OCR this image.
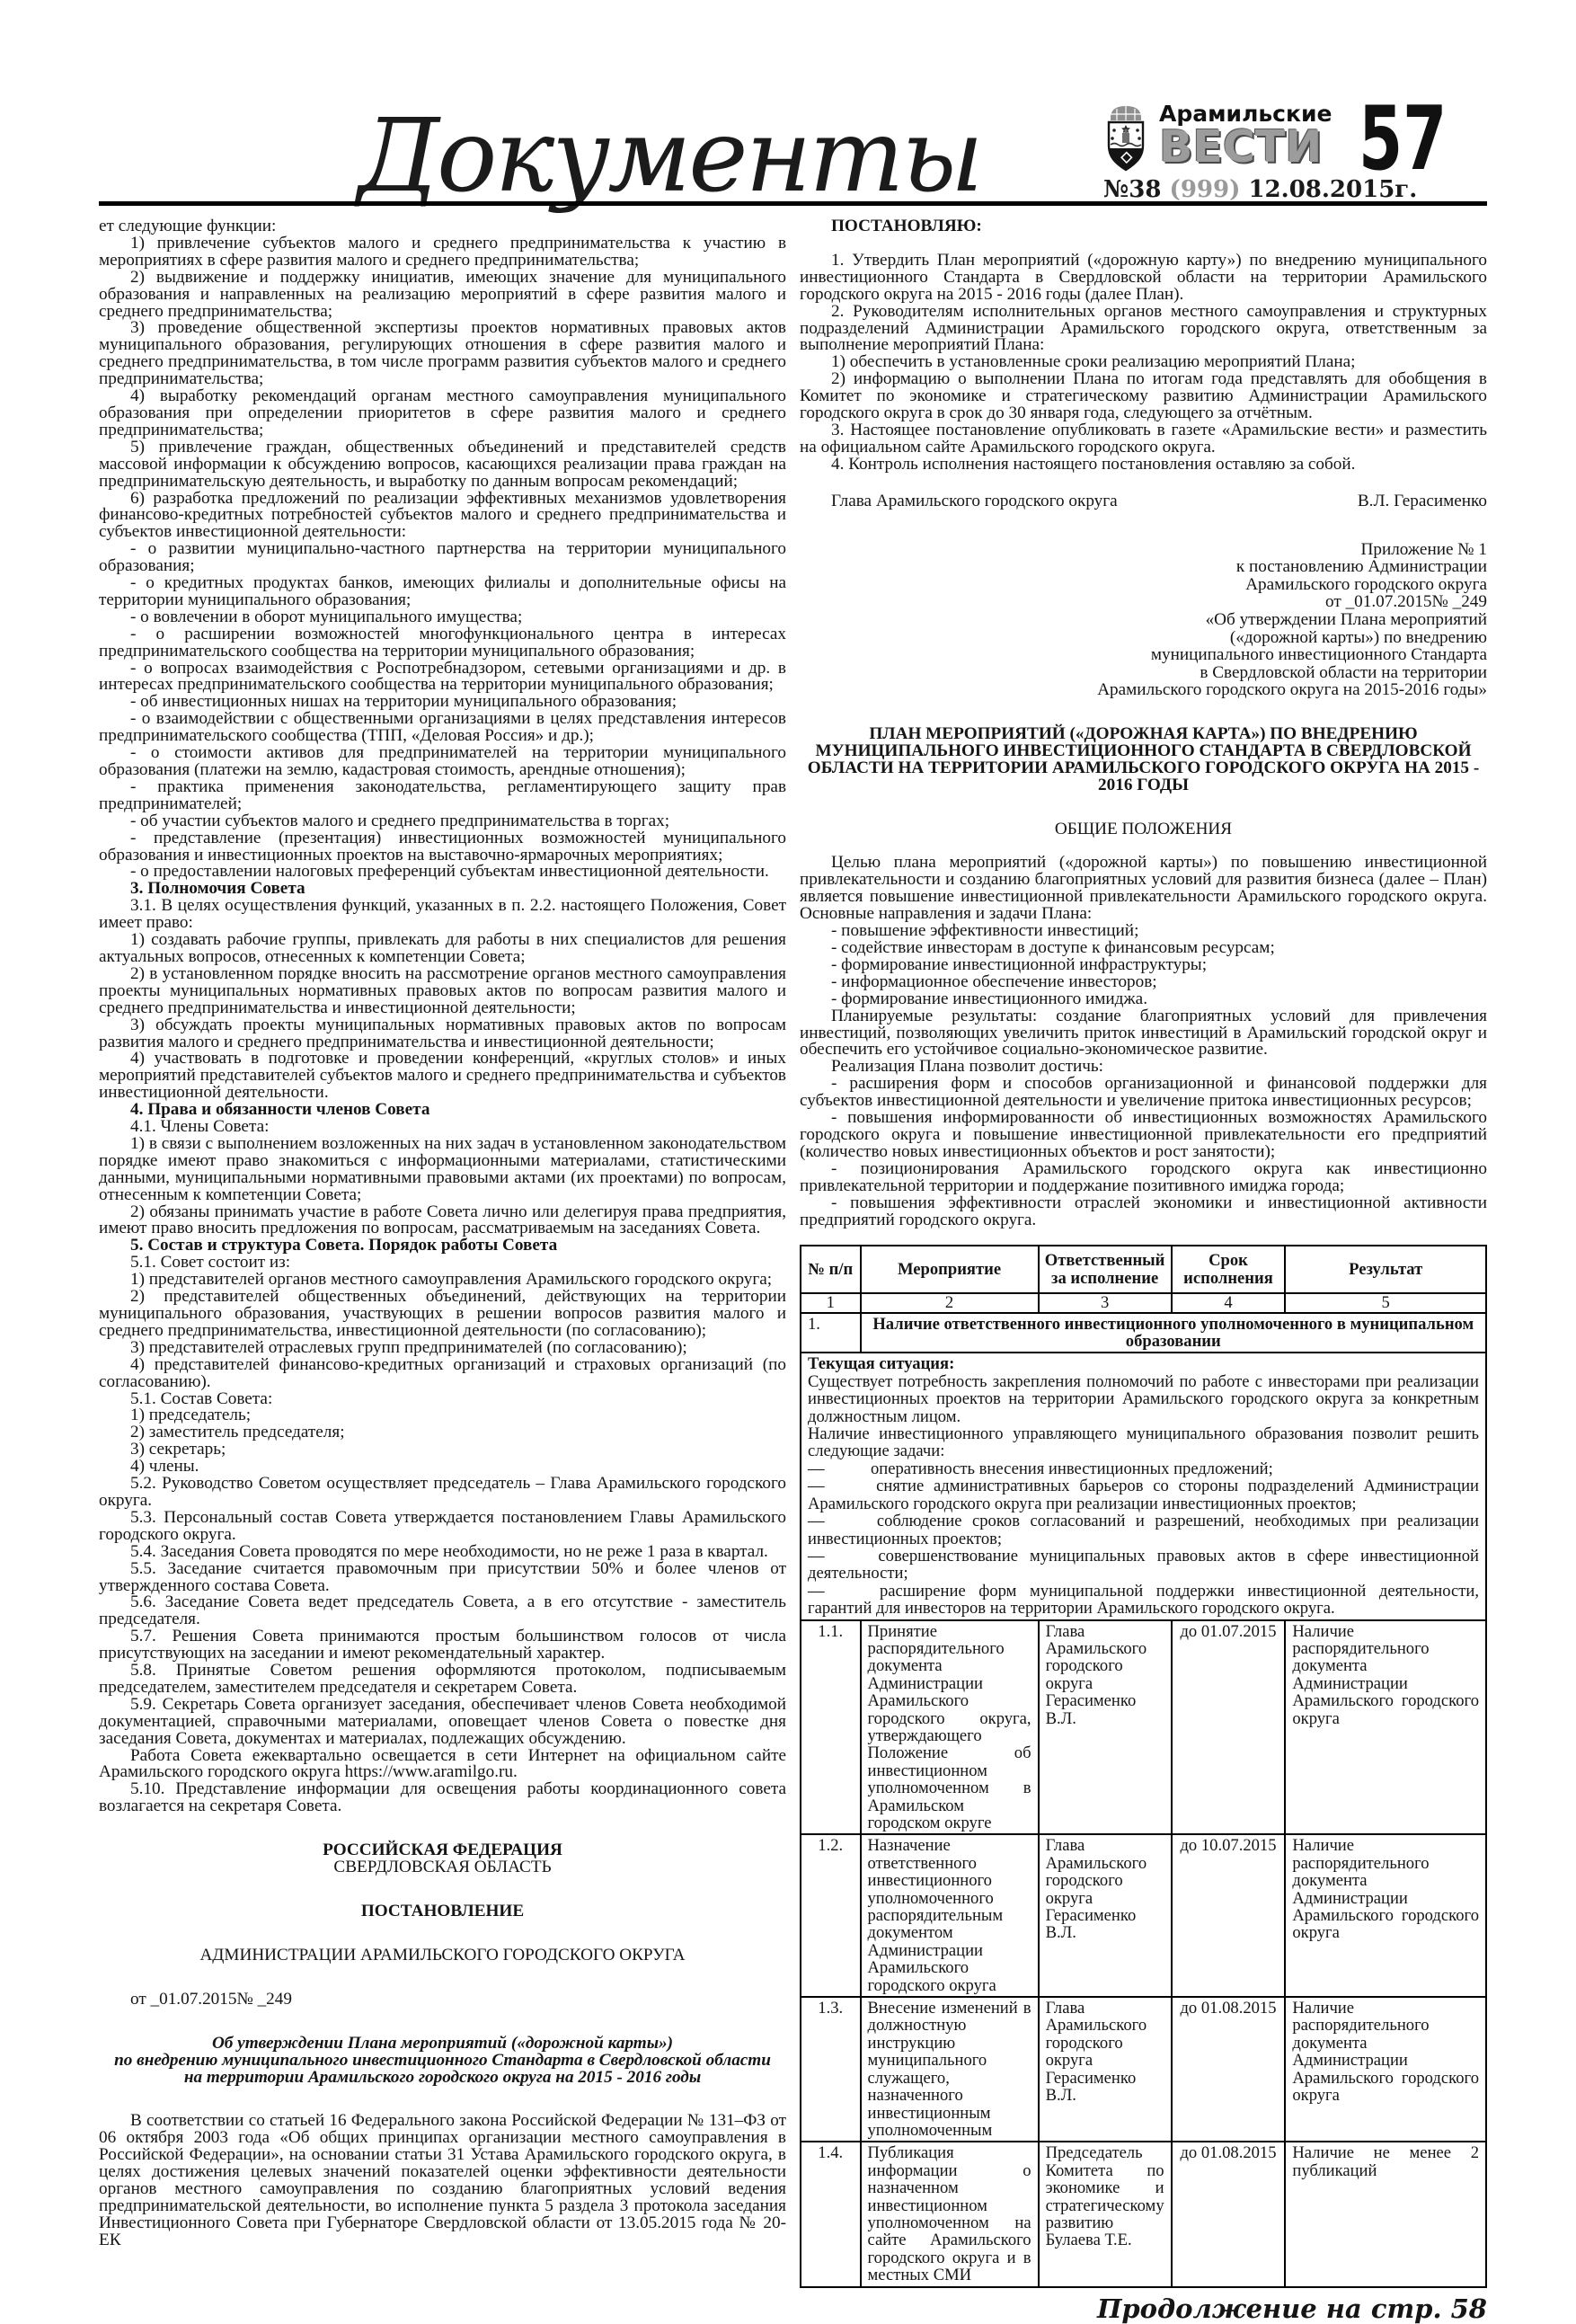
Документы	Арамильские
ВЕСТИ 57
№38 (999) 12.08.2015г.

ет следующие функции:

1) привлечение субъектов малого и среднего предпринимательства к участию в мероприятиях в сфере развития малого и среднего предпринимательства;

2) выдвижение и поддержку инициатив, имеющих значение для муниципального образования и направленных на реализацию мероприятий в сфере развития малого и среднего предпринимательства;

3) проведение общественной экспертизы проектов нормативных правовых актов муниципального образования, регулирующих отношения в сфере развития малого и среднего предпринимательства, в том числе программ развития субъектов малого и среднего предпринимательства;

4) выработку рекомендаций органам местного самоуправления муниципального образования при определении приоритетов в сфере развития малого и среднего предпринимательства;

5) привлечение граждан, общественных объединений и представителей средств массовой информации к обсуждению вопросов, касающихся реализации права граждан на предпринимательскую деятельность, и выработку по данным вопросам рекомендаций;

6) разработка предложений по реализации эффективных механизмов удовлетворения финансово-кредитных потребностей субъектов малого и среднего предпринимательства и субъектов инвестиционной деятельности:

- о развитии муниципально-частного партнерства на территории муниципального образования;

- о кредитных продуктах банков, имеющих филиалы и дополнительные офисы на территории муниципального образования;

- о вовлечении в оборот муниципального имущества;

- о расширении возможностей многофункционального центра в интересах предпринимательского сообщества на территории муниципального образования;

- о вопросах взаимодействия с Роспотребнадзором, сетевыми организациями и др. в интересах предпринимательского сообщества на территории муниципального образования;

- об инвестиционных нишах на территории муниципального образования;

- о взаимодействии с общественными организациями в целях представления интересов предпринимательского сообщества (ТПП, «Деловая Россия» и др.);

- о стоимости активов для предпринимателей на территории муниципального образования (платежи на землю, кадастровая стоимость, арендные отношения);

- практика применения законодательства, регламентирующего защиту прав предпринимателей;

- об участии субъектов малого и среднего предпринимательства в торгах;

- представление (презентация) инвестиционных возможностей муниципального образования и инвестиционных проектов на выставочно-ярмарочных мероприятиях;

- о предоставлении налоговых преференций субъектам инвестиционной деятельности.

3. Полномочия Совета

3.1. В целях осуществления функций, указанных в п. 2.2. настоящего Положения, Совет имеет право:

1) создавать рабочие группы, привлекать для работы в них специалистов для решения актуальных вопросов, отнесенных к компетенции Совета;

2) в установленном порядке вносить на рассмотрение органов местного самоуправления проекты муниципальных нормативных правовых актов по вопросам развития малого и среднего предпринимательства и инвестиционной деятельности;

3) обсуждать проекты муниципальных нормативных правовых актов по вопросам развития малого и среднего предпринимательства и инвестиционной деятельности;

4) участвовать в подготовке и проведении конференций, «круглых столов» и иных мероприятий представителей субъектов малого и среднего предпринимательства и субъектов инвестиционной деятельности.

4. Права и обязанности членов Совета

4.1. Члены Совета:

1) в связи с выполнением возложенных на них задач в установленном законодательством порядке имеют право знакомиться с информационными материалами, статистическими данными, муниципальными нормативными правовыми актами (их проектами) по вопросам, отнесенным к компетенции Совета;

2) обязаны принимать участие в работе Совета лично или делегируя права предприятия, имеют право вносить предложения по вопросам, рассматриваемым на заседаниях Совета.

5. Состав и структура Совета. Порядок работы Совета

5.1. Совет состоит из:

1) представителей органов местного самоуправления Арамильского городского округа;

2) представителей общественных объединений, действующих на территории муниципального образования, участвующих в решении вопросов развития малого и среднего предпринимательства, инвестиционной деятельности (по согласованию);

3) представителей отраслевых групп предпринимателей (по согласованию);

4) представителей финансово-кредитных организаций и страховых организаций (по согласованию).

5.1. Состав Совета:

1) председатель;

2) заместитель председателя;

3) секретарь;

4) члены.

5.2. Руководство Советом осуществляет председатель – Глава Арамильского городского округа.

5.3. Персональный состав Совета утверждается постановлением Главы Арамильского городского округа.

5.4. Заседания Совета проводятся по мере необходимости, но не реже 1 раза в квартал.

5.5. Заседание считается правомочным при присутствии 50% и более членов от утвержденного состава Совета.

5.6. Заседание Совета ведет председатель Совета, а в его отсутствие - заместитель председателя.

5.7. Решения Совета принимаются простым большинством голосов от числа присутствующих на заседании и имеют рекомендательный характер.

5.8. Принятые Советом решения оформляются протоколом, подписываемым председателем, заместителем председателя и секретарем Совета.

5.9. Секретарь Совета организует заседания, обеспечивает членов Совета необходимой документацией, справочными материалами, оповещает членов Совета о повестке дня заседания Совета, документах и материалах, подлежащих обсуждению.

Работа Совета ежеквартально освещается в сети Интернет на официальном сайте Арамильского городского округа https://www.aramilgo.ru.

5.10. Представление информации для освещения работы координационного совета возлагается на секретаря Совета.

РОССИЙСКАЯ ФЕДЕРАЦИЯ

СВЕРДЛОВСКАЯ ОБЛАСТЬ

ПОСТАНОВЛЕНИЕ

АДМИНИСТРАЦИИ АРАМИЛЬСКОГО ГОРОДСКОГО ОКРУГА

от _01.07.2015№ _249

Об утверждении Плана мероприятий («дорожной карты»)

по внедрению муниципального инвестиционного Стандарта в Свердловской области

на территории Арамильского городского округа на 2015 - 2016 годы

В соответствии со статьей 16 Федерального закона Российской Федерации № 131–ФЗ от 06 октября 2003 года «Об общих принципах организации местного самоуправления в Российской Федерации», на основании статьи 31 Устава Арамильского городского округа, в целях достижения целевых значений показателей оценки эффективности деятельности органов местного самоуправления по созданию благоприятных условий ведения предпринимательской деятельности, во исполнение пункта 5 раздела 3 протокола заседания Инвестиционного Совета при Губернаторе Свердловской области от 13.05.2015 года № 20-ЕК

ПОСТАНОВЛЯЮ:

1. Утвердить План мероприятий («дорожную карту») по внедрению муниципального инвестиционного Стандарта в Свердловской области на территории Арамильского городского округа на 2015 - 2016 годы (далее План).

2. Руководителям исполнительных органов местного самоуправления и структурных подразделений Администрации Арамильского городского округа, ответственным за выполнение мероприятий Плана:

1) обеспечить в установленные сроки реализацию мероприятий Плана;

2) информацию о выполнении Плана по итогам года представлять для обобщения в Комитет по экономике и стратегическому развитию Администрации Арамильского городского округа в срок до 30 января года, следующего за отчётным.

3. Настоящее постановление опубликовать в газете «Арамильские вести» и разместить на официальном сайте Арамильского городского округа.

4. Контроль исполнения настоящего постановления оставляю за собой.

Глава Арамильского городского округа	В.Л. Герасименко
Приложение № 1
к постановлению Администрации
Арамильского городского округа
от _01.07.2015№ _249
«Об утверждении Плана мероприятий
(«дорожной карты») по внедрению
муниципального инвестиционного Стандарта
в Свердловской области на территории
Арамильского городского округа на 2015-2016 годы»

ПЛАН МЕРОПРИЯТИЙ («ДОРОЖНАЯ КАРТА») ПО ВНЕДРЕНИЮ МУНИЦИПАЛЬНОГО ИНВЕСТИЦИОННОГО СТАНДАРТА В СВЕРДЛОВСКОЙ ОБЛАСТИ НА ТЕРРИТОРИИ АРАМИЛЬСКОГО ГОРОДСКОГО ОКРУГА НА 2015 - 2016 ГОДЫ

ОБЩИЕ ПОЛОЖЕНИЯ

Целью плана мероприятий («дорожной карты») по повышению инвестиционной привлекательности и созданию благоприятных условий для развития бизнеса (далее – План) является повышение инвестиционной привлекательности Арамильского городского округа. Основные направления и задачи Плана:

- повышение эффективности инвестиций;

- содействие инвесторам в доступе к финансовым ресурсам;

- формирование инвестиционной инфраструктуры;

- информационное обеспечение инвесторов;

- формирование инвестиционного имиджа.

Планируемые результаты: создание благоприятных условий для привлечения инвестиций, позволяющих увеличить приток инвестиций в Арамильский городской округ и обеспечить его устойчивое социально-экономическое развитие.

Реализация Плана позволит достичь:

- расширения форм и способов организационной и финансовой поддержки для субъектов инвестиционной деятельности и увеличение притока инвестиционных ресурсов;

- повышения информированности об инвестиционных возможностях Арамильского городского округа и повышение инвестиционной привлекательности его предприятий (количество новых инвестиционных объектов и рост занятости);

- позиционирования Арамильского городского округа как инвестиционно привлекательной территории и поддержание позитивного имиджа города;

- повышения эффективности отраслей экономики и инвестиционной активности предприятий городского округа.

№ п/п	Мероприятие	Ответственный за исполнение	Срок исполнения	Результат
1	2	3	4	5
1.	Наличие ответственного инвестиционного уполномоченного в муниципальном образовании			

Текущая ситуация:

Существует потребность закрепления полномочий по работе с инвесторами при реализации инвестиционных проектов на территории Арамильского городского округа за конкретным должностным лицом.

Наличие инвестиционного управляющего муниципального образования позволит решить следующие задачи:

—	оперативность внесения инвестиционных предложений;

—	снятие административных барьеров со стороны подразделений Администрации Арамильского городского округа при реализации инвестиционных проектов;

—	соблюдение сроков согласований и разрешений, необходимых при реализации инвестиционных проектов;

—	совершенствование муниципальных правовых актов в сфере инвестиционной деятельности;

—	расширение форм муниципальной поддержки инвестиционной деятельности, гарантий для инвесторов на территории Арамильского городского округа.

1.1.	Принятие распорядительного документа Администрации Арамильского городского округа, утверждающего Положение об инвестиционном уполномоченном в Арамильском городском округе	Глава Арамильского городского округа Герасименко В.Л.	до 01.07.2015	Наличие распорядительного документа Администрации Арамильского городского округа
1.2.	Назначение ответственного инвестиционного уполномоченного распорядительным документом Администрации Арамильского городского округа	Глава Арамильского городского округа Герасименко В.Л.	до 10.07.2015	Наличие распорядительного документа Администрации Арамильского городского округа
1.3.	Внесение изменений в должностную инструкцию муниципального служащего, назначенного инвестиционным уполномоченным	Глава Арамильского городского округа Герасименко В.Л.	до 01.08.2015	Наличие распорядительного документа Администрации Арамильского городского округа
1.4.	Публикация информации о назначенном инвестиционном уполномоченном на сайте Арамильского городского округа и в местных СМИ	Председатель Комитета по экономике и стратегическому развитию Булаева Т.Е.	до 01.08.2015	Наличие не менее 2 публикаций
Продолжение на стр. 58
